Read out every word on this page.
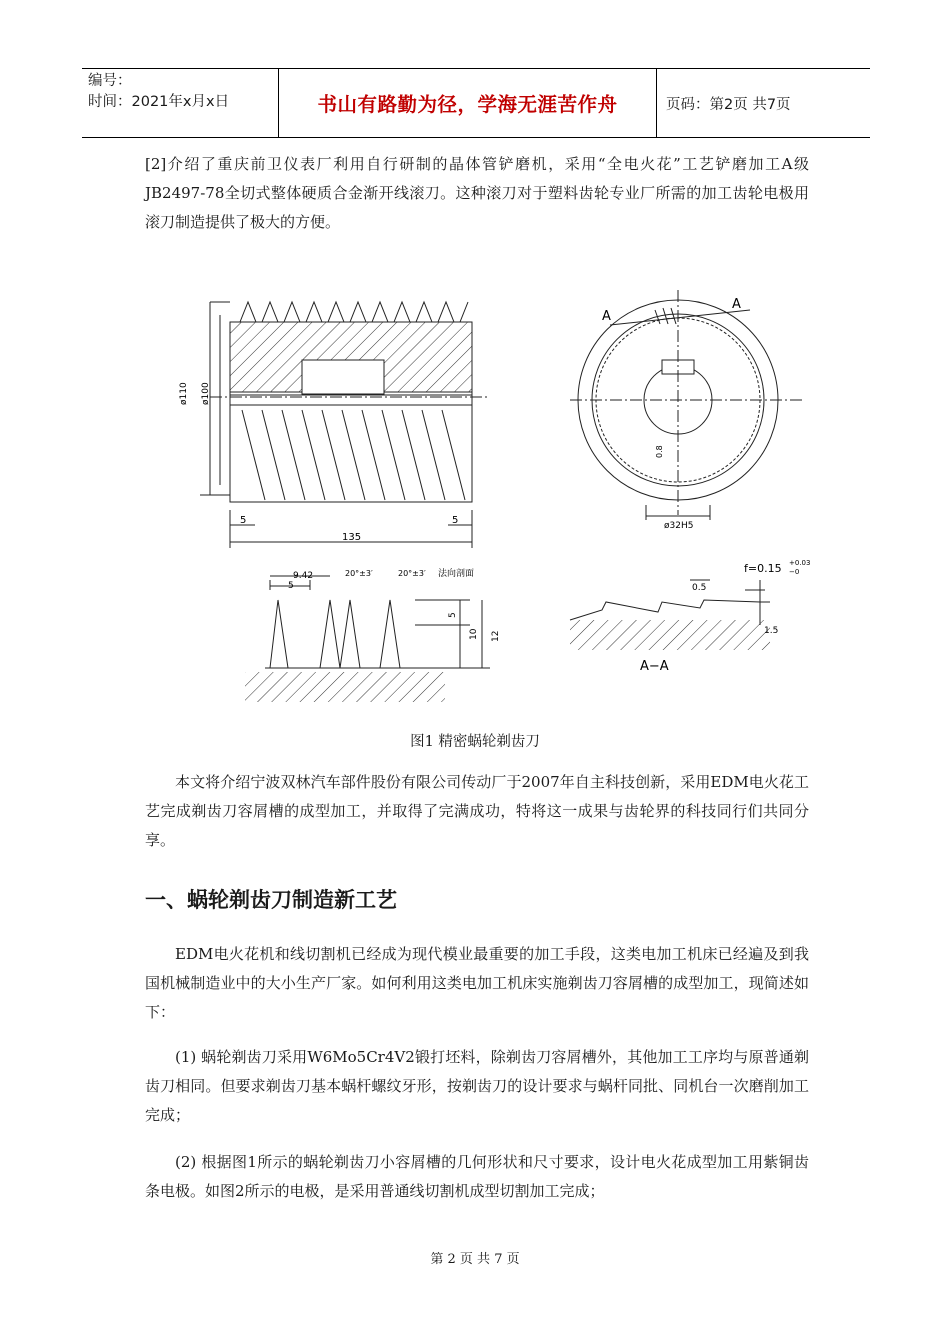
编号：
时间：2021年x月x日	书山有路勤为径，学海无涯苦作舟	页码：第2页 共7页
[2]介绍了重庆前卫仪表厂利用自行研制的晶体管铲磨机，采用“全电火花”工艺铲磨加工A级 JB2497-78全切式整体硬质合金渐开线滚刀。这种滚刀对于塑料齿轮专业厂所需的加工齿轮电极用滚刀制造提供了极大的方便。
ø110 ø100
5	5
135
A
A
ø32H5
0.8
9.42
5
20°±3′	20°±3′ 法向剖面
5
10 12
f=0.15 +0.03
−0
0.5
1.5
A−A
图1 精密蜗轮剃齿刀
本文将介绍宁波双林汽车部件股份有限公司传动厂于2007年自主科技创新，采用EDM电火花工艺完成剃齿刀容屑槽的成型加工，并取得了完满成功，特将这一成果与齿轮界的科技同行们共同分享。
一、蜗轮剃齿刀制造新工艺
EDM电火花机和线切割机已经成为现代模业最重要的加工手段，这类电加工机床已经遍及到我国机械制造业中的大小生产厂家。如何利用这类电加工机床实施剃齿刀容屑槽的成型加工，现简述如下：
(1) 蜗轮剃齿刀采用W6Mo5Cr4V2锻打坯料，除剃齿刀容屑槽外，其他加工工序均与原普通剃齿刀相同。但要求剃齿刀基本蜗杆螺纹牙形，按剃齿刀的设计要求与蜗杆同批、同机台一次磨削加工完成；
(2) 根据图1所示的蜗轮剃齿刀小容屑槽的几何形状和尺寸要求，设计电火花成型加工用紫铜齿条电极。如图2所示的电极，是采用普通线切割机成型切割加工完成；
第 2 页 共 7 页
